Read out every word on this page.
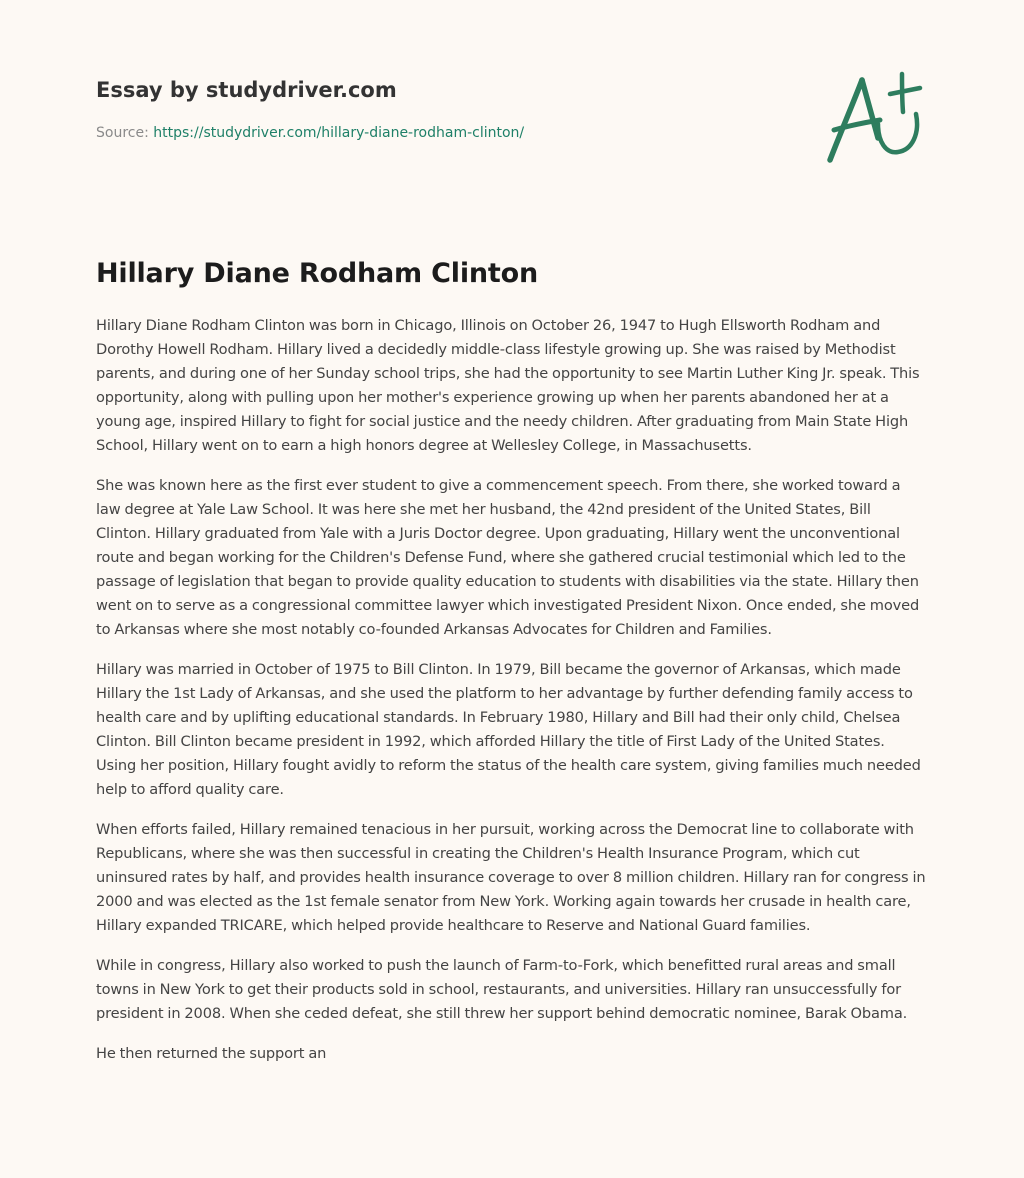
Essay by studydriver.com
Source: https://studydriver.com/hillary-diane-rodham-clinton/
Hillary Diane Rodham Clinton

Hillary Diane Rodham Clinton was born in Chicago, Illinois on October 26, 1947 to Hugh Ellsworth Rodham and Dorothy Howell Rodham. Hillary lived a decidedly middle-class lifestyle growing up. She was raised by Methodist parents, and during one of her Sunday school trips, she had the opportunity to see Martin Luther King Jr. speak. This opportunity, along with pulling upon her mother's experience growing up when her parents abandoned her at a young age, inspired Hillary to fight for social justice and the needy children. After graduating from Main State High School, Hillary went on to earn a high honors degree at Wellesley College, in Massachusetts.

She was known here as the first ever student to give a commencement speech. From there, she worked toward a law degree at Yale Law School. It was here she met her husband, the 42nd president of the United States, Bill Clinton. Hillary graduated from Yale with a Juris Doctor degree. Upon graduating, Hillary went the unconventional route and began working for the Children's Defense Fund, where she gathered crucial testimonial which led to the passage of legislation that began to provide quality education to students with disabilities via the state. Hillary then went on to serve as a congressional committee lawyer which investigated President Nixon. Once ended, she moved to Arkansas where she most notably co-founded Arkansas Advocates for Children and Families.

Hillary was married in October of 1975 to Bill Clinton. In 1979, Bill became the governor of Arkansas, which made Hillary the 1st Lady of Arkansas, and she used the platform to her advantage by further defending family access to health care and by uplifting educational standards. In February 1980, Hillary and Bill had their only child, Chelsea Clinton. Bill Clinton became president in 1992, which afforded Hillary the title of First Lady of the United States. Using her position, Hillary fought avidly to reform the status of the health care system, giving families much needed help to afford quality care.

When efforts failed, Hillary remained tenacious in her pursuit, working across the Democrat line to collaborate with Republicans, where she was then successful in creating the Children's Health Insurance Program, which cut uninsured rates by half, and provides health insurance coverage to over 8 million children. Hillary ran for congress in 2000 and was elected as the 1st female senator from New York. Working again towards her crusade in health care, Hillary expanded TRICARE, which helped provide healthcare to Reserve and National Guard families.

While in congress, Hillary also worked to push the launch of Farm-to-Fork, which benefitted rural areas and small towns in New York to get their products sold in school, restaurants, and universities. Hillary ran unsuccessfully for president in 2008. When she ceded defeat, she still threw her support behind democratic nominee, Barak Obama.

He then returned the support an
